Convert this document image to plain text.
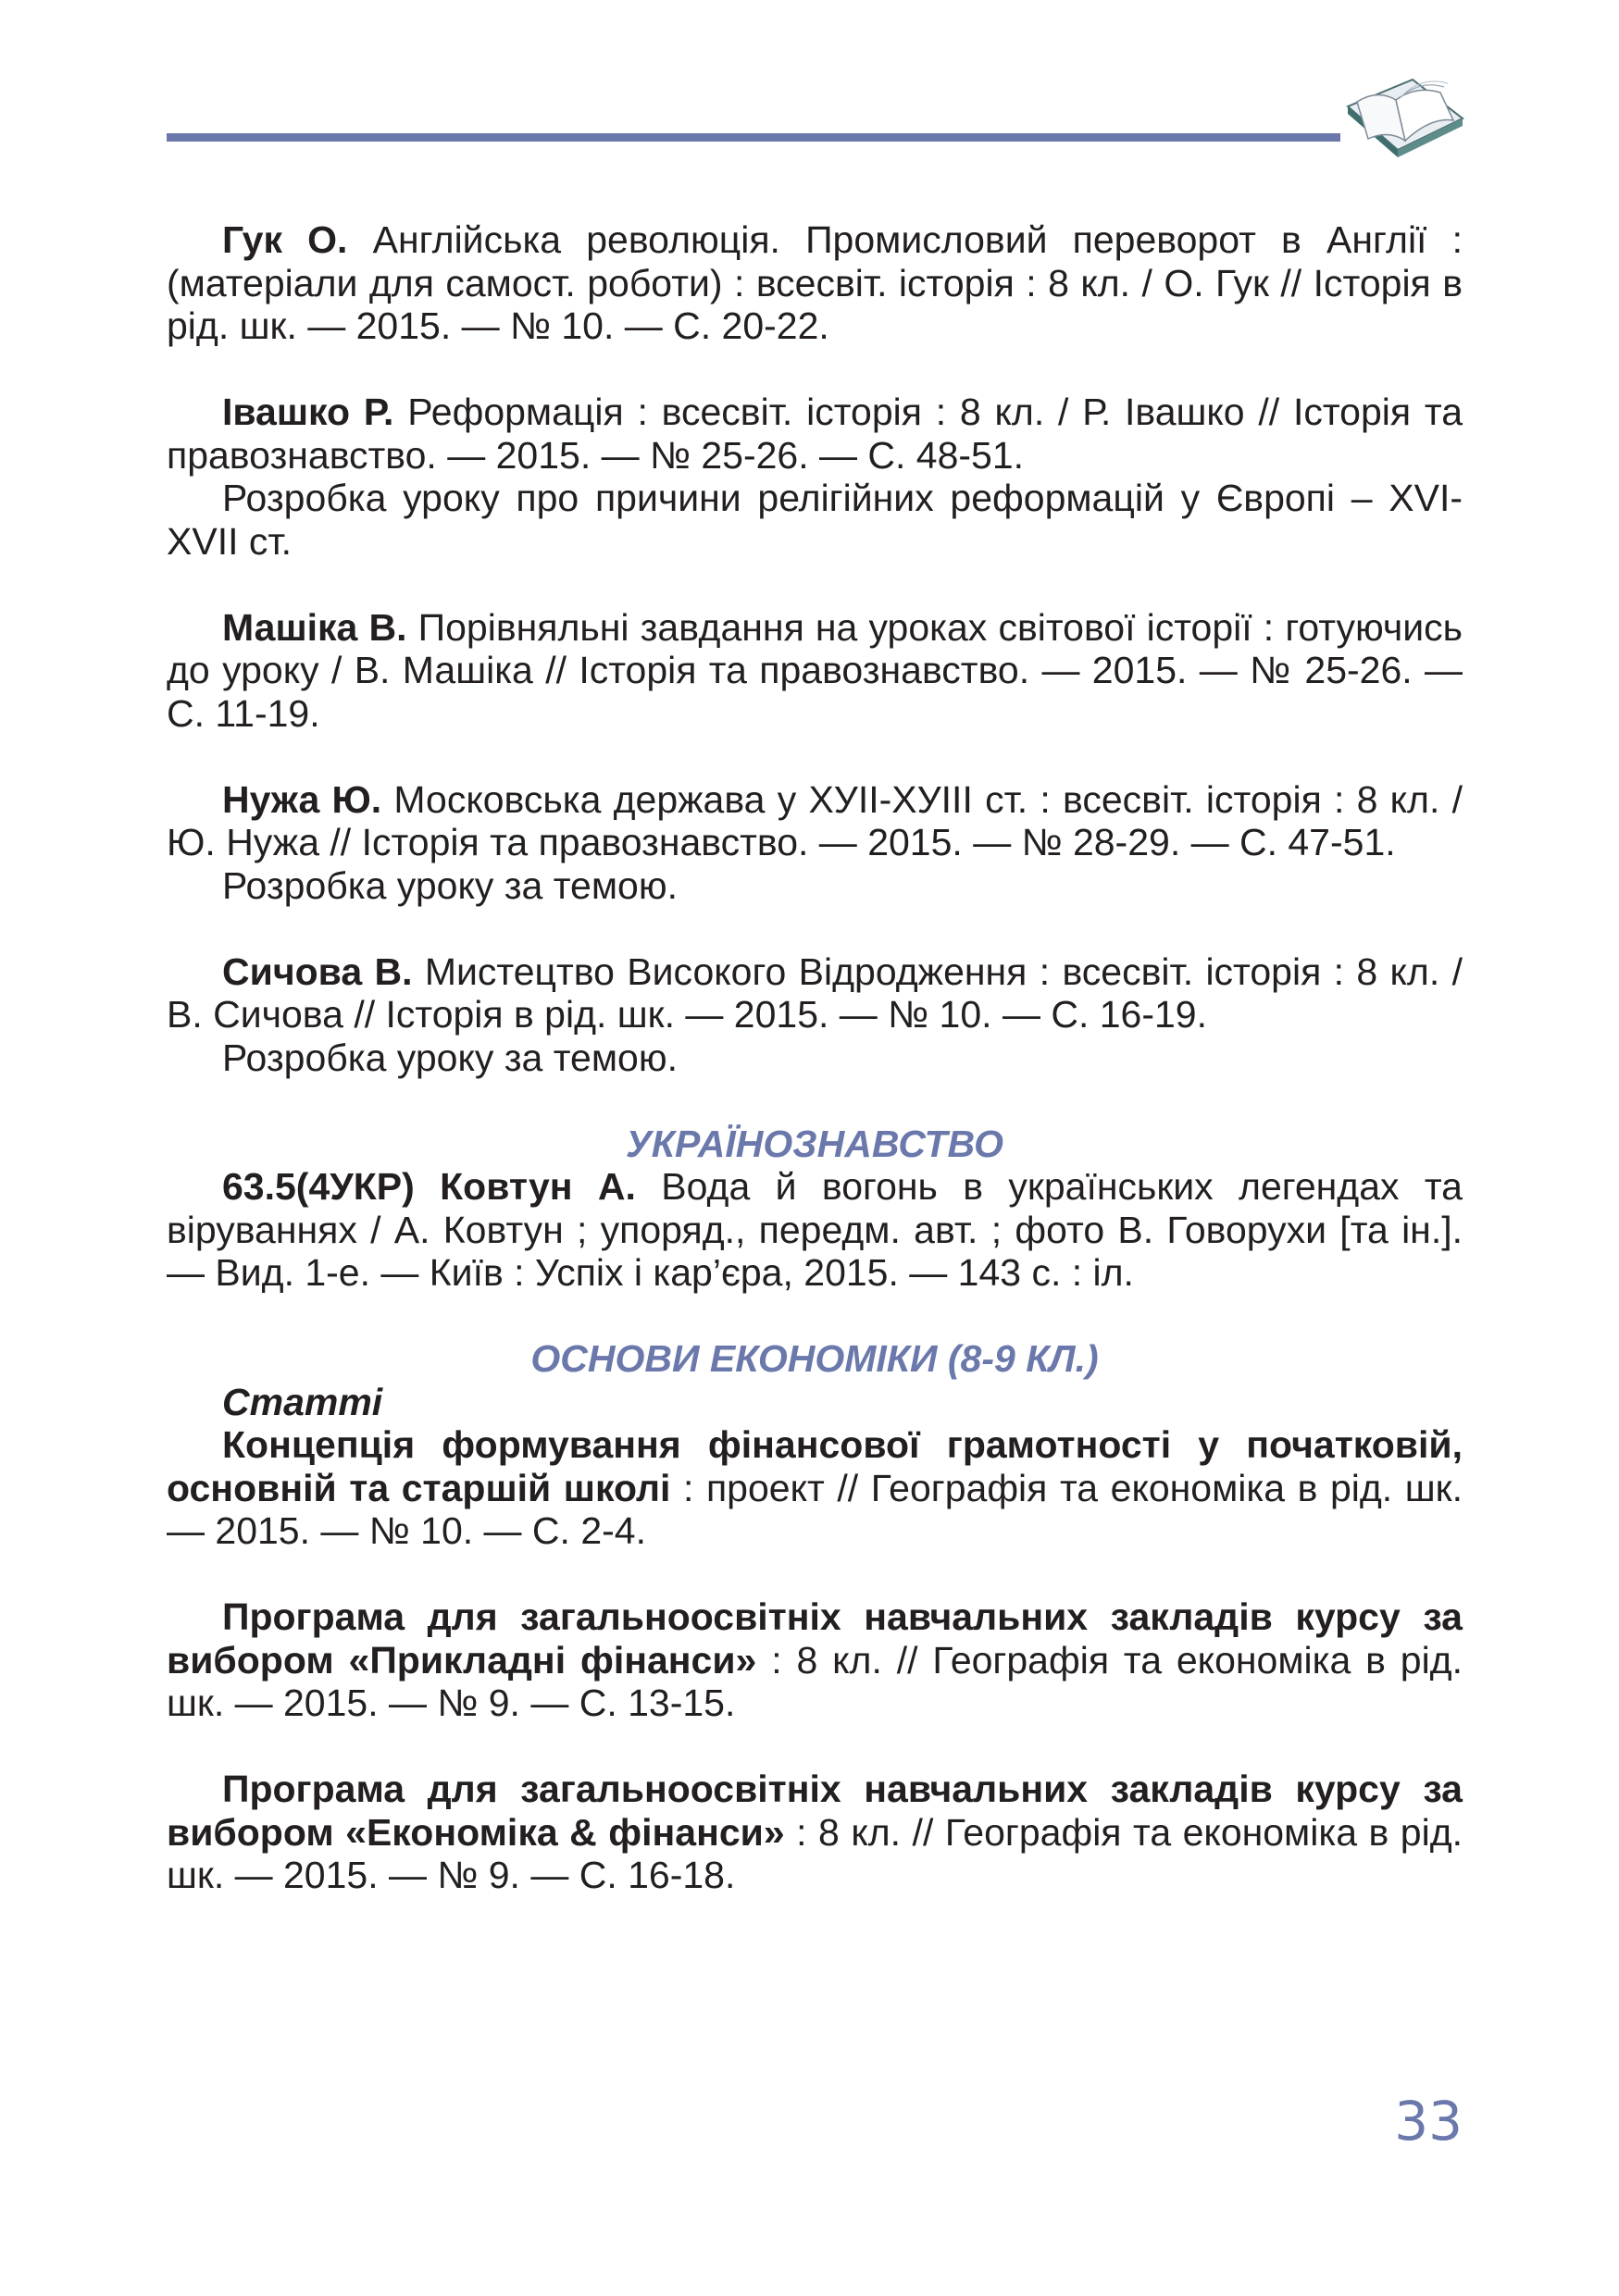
Гук О. Англійська революція. Промисловий переворот в Англії : (матеріали для самост. роботи) : всесвіт. історія : 8 кл. / О. Гук // Історія в рід. шк. — 2015. — № 10. — С. 20-22.

Івашко Р. Реформація : всесвіт. історія : 8 кл. / Р. Івашко // Історія та правознавство. — 2015. — № 25-26. — С. 48-51.

Розробка уроку про причини релігійних реформацій у Європі – XVI-XVII ст.

Машіка В. Порівняльні завдання на уроках світової історії : готуючись до уроку / В. Машіка // Історія та правознавство. — 2015. — № 25-26. — С. 11-19.

Нужа Ю. Московська держава у ХУІІ-ХУІІІ ст. : всесвіт. історія : 8 кл. / Ю. Нужа // Історія та правознавство. — 2015. — № 28-29. — С. 47-51.

Розробка уроку за темою.

Сичова В. Мистецтво Високого Відродження : всесвіт. історія : 8 кл. / В. Сичова // Історія в рід. шк. — 2015. — № 10. — С. 16-19.

Розробка уроку за темою.

УКРАЇНОЗНАВСТВО

63.5(4УКР) Ковтун А. Вода й вогонь в українських легендах та віруваннях / А. Ковтун ; упоряд., передм. авт. ; фото В. Говорухи [та ін.]. — Вид. 1-е. — Київ : Успіх і кар’єра, 2015. — 143 с. : іл.

ОСНОВИ ЕКОНОМІКИ (8-9 КЛ.)

Статті

Концепція формування фінансової грамотності у початковій, основній та старшій школі : проект // Географія та економіка в рід. шк. — 2015. — № 10. — С. 2-4.

Програма для загальноосвітніх навчальних закладів курсу за вибором «Прикладні фінанси» : 8 кл. // Географія та економіка в рід. шк. — 2015. — № 9. — С. 13-15.

Програма для загальноосвітніх навчальних закладів курсу за вибором «Економіка & фінанси» : 8 кл. // Географія та економіка в рід. шк. — 2015. — № 9. — С. 16-18.

33
